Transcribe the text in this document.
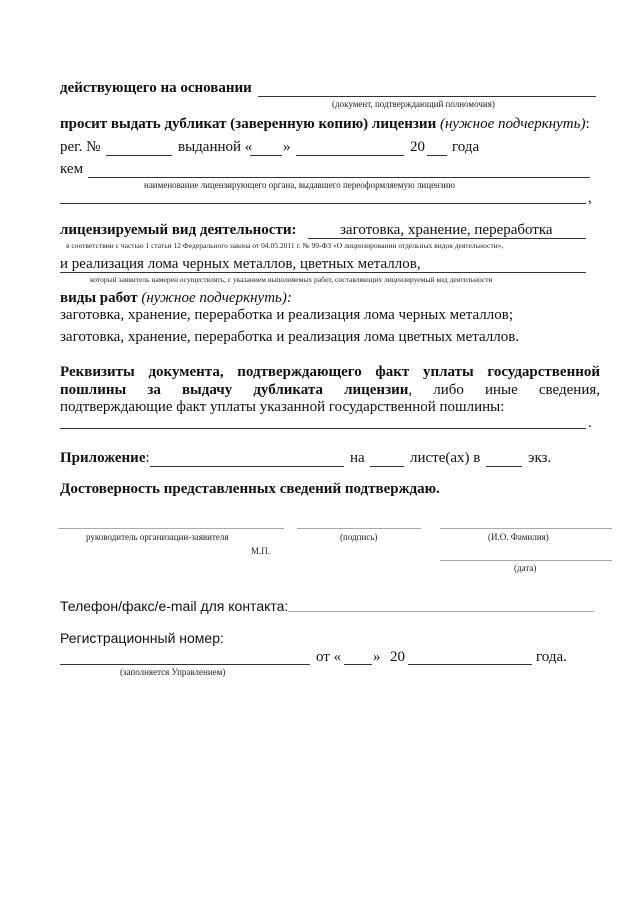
действующего на основании
(документ, подтверждающий полномочия)
просит выдать дубликат (заверенную копию) лицензии (нужное подчеркнуть):
рег. №	выданной « »	20 года
кем
наименование лицензирующего органа, выдавшего переоформляемую лицензию
,
лицензируемый вид деятельности:	заготовка, хранение, переработка
в соответствии с частью 1 статьи 12 Федерального закона от 04.05.2011 г. № 99-ФЗ «О лицензировании отдельных видов деятельности»,
и реализация лома черных металлов, цветных металлов,
который заявитель намерен осуществлять, с указанием выполняемых работ, составляющих лицензируемый вид деятельности
виды работ (нужное подчеркнуть):
заготовка, хранение, переработка и реализация лома черных металлов;
заготовка, хранение, переработка и реализация лома цветных металлов.
Реквизиты документа, подтверждающего факт уплаты государственной
пошлины за выдачу дубликата лицензии, либо иные сведения,
подтверждающие факт уплаты указанной государственной пошлины:
.
Приложение:	на	листе(ах) в	экз.
Достоверность представленных сведений подтверждаю.
руководитель организации-заявителя	(подпись)	(И.О. Фамилия)
М.П.
(дата)
Телефон/факс/e-mail для контакта:
Регистрационный номер:
от « » 20	года.
(заполняется Управлением)
